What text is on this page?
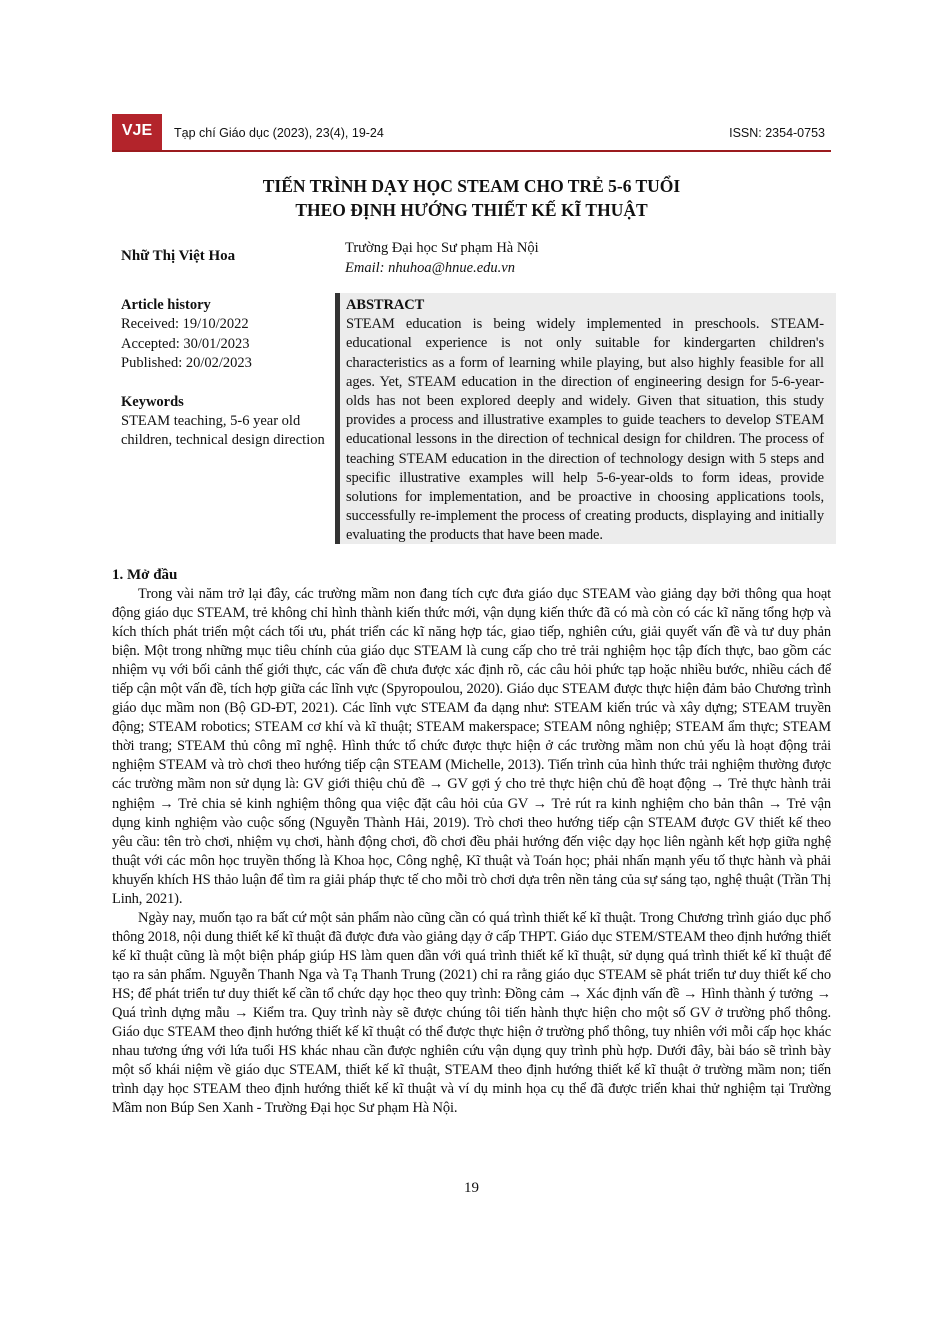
VJE	Tạp chí Giáo dục (2023), 23(4), 19-24	ISSN: 2354-0753
TIẾN TRÌNH DẠY HỌC STEAM CHO TRẺ 5-6 TUỔI
THEO ĐỊNH HƯỚNG THIẾT KẾ KĨ THUẬT
Nhữ Thị Việt Hoa	Trường Đại học Sư phạm Hà Nội
Email: nhuhoa@hnue.edu.vn
Article history
Received: 19/10/2022
Accepted: 30/01/2023
Published: 20/02/2023
Keywords
STEAM teaching, 5-6 year old children, technical design direction
ABSTRACT
STEAM education is being widely implemented in preschools. STEAM-educational experience is not only suitable for kindergarten children's characteristics as a form of learning while playing, but also highly feasible for all ages. Yet, STEAM education in the direction of engineering design for 5-6-year-olds has not been explored deeply and widely. Given that situation, this study provides a process and illustrative examples to guide teachers to develop STEAM educational lessons in the direction of technical design for children. The process of teaching STEAM education in the direction of technology design with 5 steps and specific illustrative examples will help 5-6-year-olds to form ideas, provide solutions for implementation, and be proactive in choosing applications tools, successfully re-implement the process of creating products, displaying and initially evaluating the products that have been made.
1. Mở đầu

Trong vài năm trở lại đây, các trường mầm non đang tích cực đưa giáo dục STEAM vào giảng dạy bởi thông qua hoạt động giáo dục STEAM, trẻ không chỉ hình thành kiến thức mới, vận dụng kiến thức đã có mà còn có các kĩ năng tổng hợp và kích thích phát triển một cách tối ưu, phát triển các kĩ năng hợp tác, giao tiếp, nghiên cứu, giải quyết vấn đề và tư duy phản biện. Một trong những mục tiêu chính của giáo dục STEAM là cung cấp cho trẻ trải nghiệm học tập đích thực, bao gồm các nhiệm vụ với bối cảnh thế giới thực, các vấn đề chưa được xác định rõ, các câu hỏi phức tạp hoặc nhiều bước, nhiều cách để tiếp cận một vấn đề, tích hợp giữa các lĩnh vực (Spyropoulou, 2020). Giáo dục STEAM được thực hiện đảm bảo Chương trình giáo dục mầm non (Bộ GD-ĐT, 2021). Các lĩnh vực STEAM đa dạng như: STEAM kiến trúc và xây dựng; STEAM truyền động; STEAM robotics; STEAM cơ khí và kĩ thuật; STEAM makerspace; STEAM nông nghiệp; STEAM ẩm thực; STEAM thời trang; STEAM thủ công mĩ nghệ. Hình thức tổ chức được thực hiện ở các trường mầm non chủ yếu là hoạt động trải nghiệm STEAM và trò chơi theo hướng tiếp cận STEAM (Michelle, 2013). Tiến trình của hình thức trải nghiệm thường được các trường mầm non sử dụng là: GV giới thiệu chủ đề → GV gợi ý cho trẻ thực hiện chủ đề hoạt động → Trẻ thực hành trải nghiệm → Trẻ chia sẻ kinh nghiệm thông qua việc đặt câu hỏi của GV → Trẻ rút ra kinh nghiệm cho bản thân → Trẻ vận dụng kinh nghiệm vào cuộc sống (Nguyễn Thành Hải, 2019). Trò chơi theo hướng tiếp cận STEAM được GV thiết kế theo yêu cầu: tên trò chơi, nhiệm vụ chơi, hành động chơi, đồ chơi đều phải hướng đến việc dạy học liên ngành kết hợp giữa nghệ thuật với các môn học truyền thống là Khoa học, Công nghệ, Kĩ thuật và Toán học; phải nhấn mạnh yếu tố thực hành và phải khuyến khích HS thảo luận để tìm ra giải pháp thực tế cho mỗi trò chơi dựa trên nền tảng của sự sáng tạo, nghệ thuật (Trần Thị Linh, 2021).

Ngày nay, muốn tạo ra bất cứ một sản phẩm nào cũng cần có quá trình thiết kế kĩ thuật. Trong Chương trình giáo dục phổ thông 2018, nội dung thiết kế kĩ thuật đã được đưa vào giảng dạy ở cấp THPT. Giáo dục STEM/STEAM theo định hướng thiết kế kĩ thuật cũng là một biện pháp giúp HS làm quen dần với quá trình thiết kế kĩ thuật, sử dụng quá trình thiết kế kĩ thuật để tạo ra sản phẩm. Nguyễn Thanh Nga và Tạ Thanh Trung (2021) chỉ ra rằng giáo dục STEAM sẽ phát triển tư duy thiết kế cho HS; để phát triển tư duy thiết kế cần tổ chức dạy học theo quy trình: Đồng cảm → Xác định vấn đề → Hình thành ý tưởng → Quá trình dựng mẫu → Kiểm tra. Quy trình này sẽ được chúng tôi tiến hành thực hiện cho một số GV ở trường phổ thông. Giáo dục STEAM theo định hướng thiết kế kĩ thuật có thể được thực hiện ở trường phổ thông, tuy nhiên với mỗi cấp học khác nhau tương ứng với lứa tuổi HS khác nhau cần được nghiên cứu vận dụng quy trình phù hợp. Dưới đây, bài báo sẽ trình bày một số khái niệm về giáo dục STEAM, thiết kế kĩ thuật, STEAM theo định hướng thiết kế kĩ thuật ở trường mầm non; tiến trình dạy học STEAM theo định hướng thiết kế kĩ thuật và ví dụ minh họa cụ thể đã được triển khai thử nghiệm tại Trường Mầm non Búp Sen Xanh - Trường Đại học Sư phạm Hà Nội.

19
